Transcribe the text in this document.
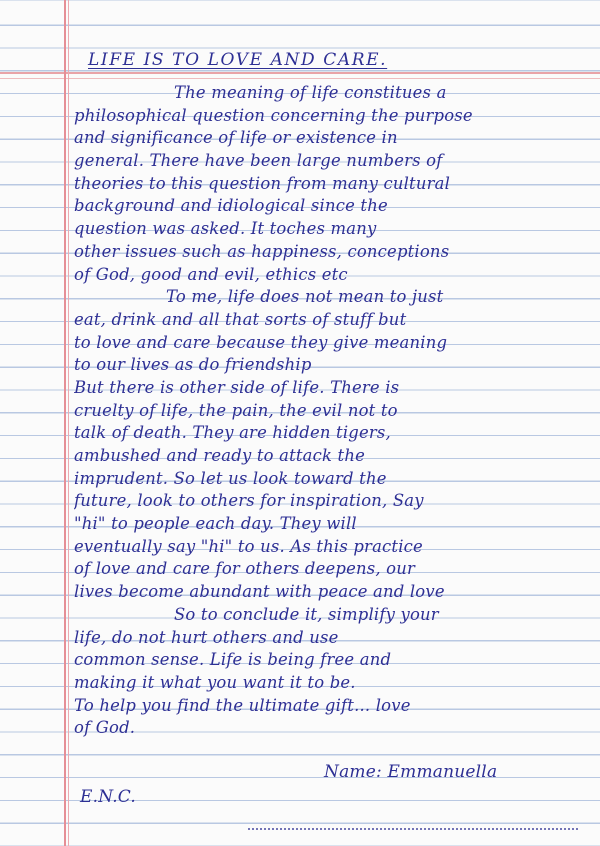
LIFE IS TO LOVE AND CARE.
The meaning of life constitues a
philosophical question concerning the purpose
and significance of life or existence in
general. There have been large numbers of
theories to this question from many cultural
background and idiological since the
question was asked. It toches many
other issues such as happiness, conceptions
of God, good and evil, ethics etc
To me, life does not mean to just
eat, drink and all that sorts of stuff but
to love and care because they give meaning
to our lives as do friendship
But there is other side of life. There is
cruelty of life, the pain, the evil not to
talk of death. They are hidden tigers,
ambushed and ready to attack the
imprudent. So let us look toward the
future, look to others for inspiration, Say
"hi" to people each day. They will
eventually say "hi" to us. As this practice
of love and care for others deepens, our
lives become abundant with peace and love
So to conclude it, simplify your
life, do not hurt others and use
common sense. Life is being free and
making it what you want it to be.
To help you find the ultimate gift... love
of God.
Name: Emmanuella
E.N.C.
